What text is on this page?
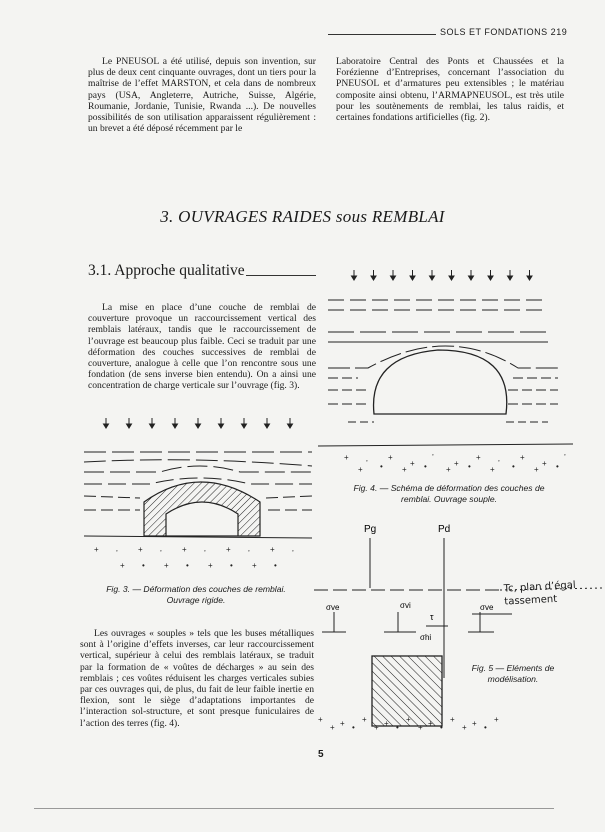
SOLS ET FONDATIONS 219

Le PNEUSOL a été utilisé, depuis son invention, sur plus de deux cent cinquante ouvrages, dont un tiers pour la maîtrise de l’effet MARSTON, et cela dans de nombreux pays (USA, Angleterre, Autriche, Suisse, Algérie, Roumanie, Jordanie, Tunisie, Rwanda ...). De nouvelles possibilités de son utilisation apparaissent régulièrement : un brevet a été déposé récemment par le

Laboratoire Central des Ponts et Chaussées et la Forézienne d’Entreprises, concernant l’association du PNEUSOL et d’armatures peu extensibles ; le matériau composite ainsi obtenu, l’ARMAPNEUSOL, est très utile pour les soutènements de remblai, les talus raidis, et certaines fondations artificielles (fig. 2).

3. OUVRAGES RAIDES sous REMBLAI
3.1. Approche qualitative

La mise en place d’une couche de remblai de couverture provoque un raccourcissement vertical des remblais latéraux, tandis que le raccourcissement de l’ouvrage est beaucoup plus faible. Ceci se traduit par une déformation des couches successives de remblai de couverture, analogue à celle que l’on rencontre sous une fondation (de sens inverse bien entendu). On a ainsi une concentration de charge verticale sur l’ouvrage (fig. 3).

+
’
+
+
’
+
+
’
+
+
’
+ • + • + • + • + •
Fig. 4. — Schéma de déformation des couches de remblai. Ouvrage souple.
+ ’	+ ’	+ ’	+ ’	+ ’
+ • + • + • + •
Fig. 3. — Déformation des couches de remblai. Ouvrage rigide.

Les ouvrages « souples » tels que les buses métalliques sont à l’origine d’effets inverses, car leur raccourcissement vertical, supérieur à celui des remblais latéraux, se traduit par la formation de « voûtes de décharges » au sein des remblais ; ces voûtes réduisent les charges verticales subies par ces ouvrages qui, de plus, du fait de leur faible inertie en flexion, sont le siège d’adaptations importantes de l’interaction sol-structure, et sont presque funiculaires de l’action des terres (fig. 4).

Pg	Pd
σve	σvi
τ
σve
σhi
+ + + + + + + + +
+ • + • + • + •
Tc, plan d’égal tassement
Fig. 5 — Eléments de modélisation.
5
